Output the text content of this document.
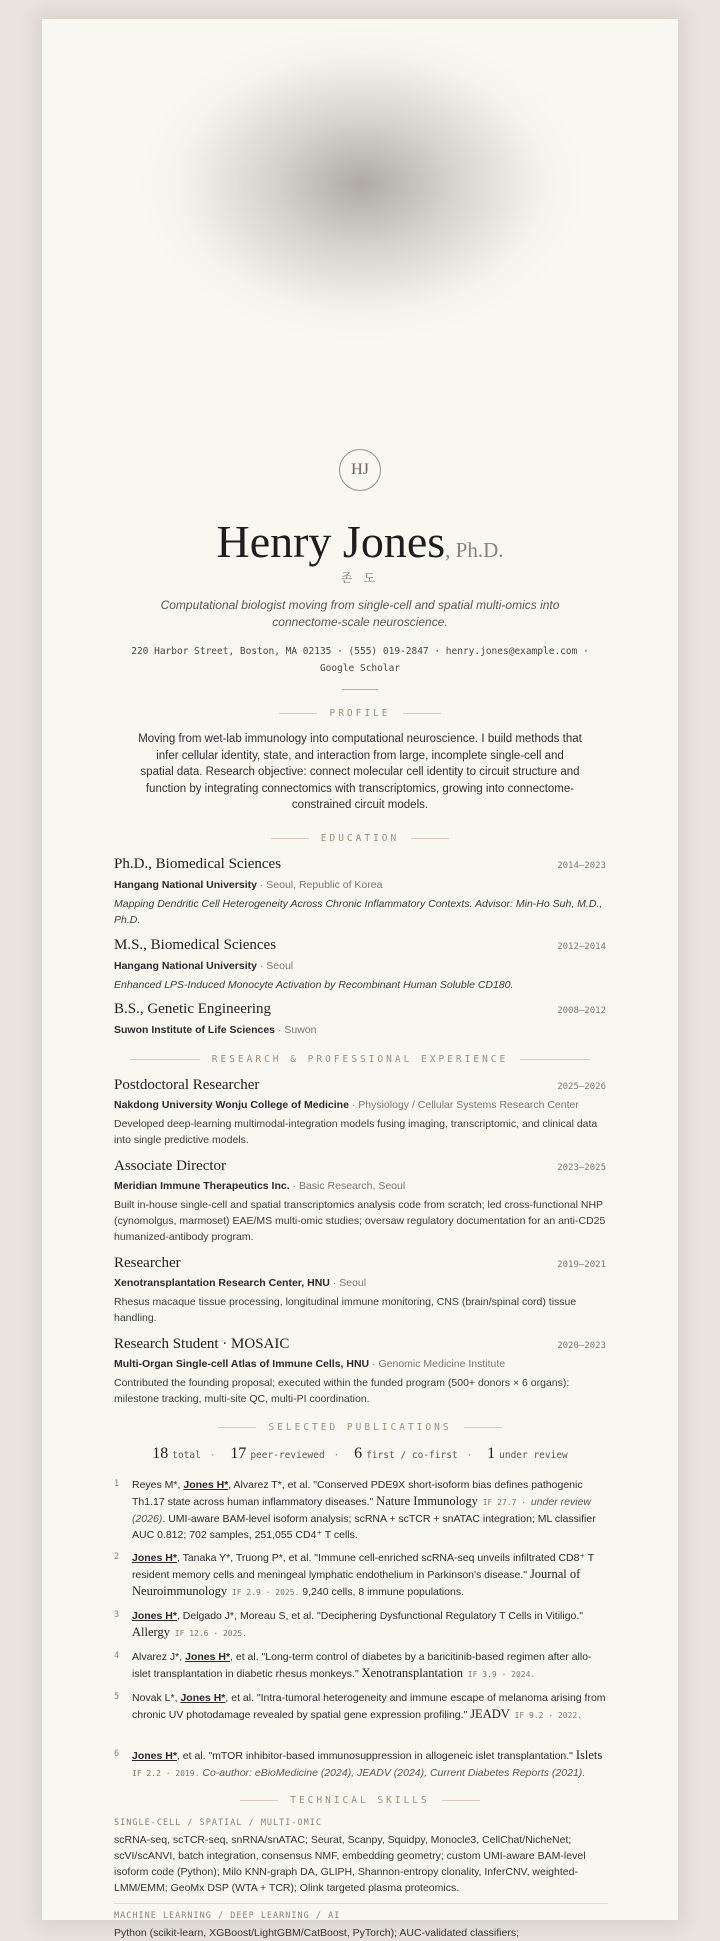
HJ
Henry Jones, Ph.D.
존 도
Computational biologist moving from single-cell and spatial multi-omics into connectome-scale neuroscience.
220 Harbor Street, Boston, MA 02135 · (555) 019-2847 · henry.jones@example.com ·
Google Scholar
PROFILE
Moving from wet-lab immunology into computational neuroscience. I build methods that infer cellular identity, state, and interaction from large, incomplete single-cell and spatial data. Research objective: connect molecular cell identity to circuit structure and function by integrating connectomics with transcriptomics, growing into connectome-constrained circuit models.
EDUCATION
Ph.D., Biomedical Sciences	2014–2023
Hangang National University · Seoul, Republic of Korea
Mapping Dendritic Cell Heterogeneity Across Chronic Inflammatory Contexts. Advisor: Min-Ho Suh, M.D., Ph.D.
M.S., Biomedical Sciences	2012–2014
Hangang National University · Seoul
Enhanced LPS-Induced Monocyte Activation by Recombinant Human Soluble CD180.
B.S., Genetic Engineering	2008–2012
Suwon Institute of Life Sciences · Suwon
RESEARCH & PROFESSIONAL EXPERIENCE
Postdoctoral Researcher	2025–2026
Nakdong University Wonju College of Medicine · Physiology / Cellular Systems Research Center
Developed deep-learning multimodal-integration models fusing imaging, transcriptomic, and clinical data into single predictive models.
Associate Director	2023–2025
Meridian Immune Therapeutics Inc. · Basic Research, Seoul
Built in-house single-cell and spatial transcriptomics analysis code from scratch; led cross-functional NHP (cynomolgus, marmoset) EAE/MS multi-omic studies; oversaw regulatory documentation for an anti-CD25 humanized-antibody program.
Researcher	2019–2021
Xenotransplantation Research Center, HNU · Seoul
Rhesus macaque tissue processing, longitudinal immune monitoring, CNS (brain/spinal cord) tissue handling.
Research Student · MOSAIC	2020–2023
Multi-Organ Single-cell Atlas of Immune Cells, HNU · Genomic Medicine Institute
Contributed the founding proposal; executed within the funded program (500+ donors × 6 organs): milestone tracking, multi-site QC, multi-PI coordination.
SELECTED PUBLICATIONS
18 total · 17 peer-reviewed · 6 first / co-first · 1 under review
1	Reyes M*, Jones H*, Alvarez T*, et al. "Conserved PDE9X short-isoform bias defines pathogenic Th1.17 state across human inflammatory diseases." Nature Immunology IF 27.7 · under review (2026). UMI-aware BAM-level isoform analysis; scRNA + scTCR + snATAC integration; ML classifier AUC 0.812; 702 samples, 251,055 CD4⁺ T cells.
2	Jones H*, Tanaka Y*, Truong P*, et al. "Immune cell-enriched scRNA-seq unveils infiltrated CD8⁺ T resident memory cells and meningeal lymphatic endothelium in Parkinson's disease." Journal of Neuroimmunology IF 2.9 · 2025. 9,240 cells, 8 immune populations.
3	Jones H*, Delgado J*, Moreau S, et al. "Deciphering Dysfunctional Regulatory T Cells in Vitiligo." Allergy IF 12.6 · 2025.
4	Alvarez J*, Jones H*, et al. "Long-term control of diabetes by a baricitinib-based regimen after allo-islet transplantation in diabetic rhesus monkeys." Xenotransplantation IF 3.9 · 2024.
5	Novak L*, Jones H*, et al. "Intra-tumoral heterogeneity and immune escape of melanoma arising from chronic UV photodamage revealed by spatial gene expression profiling." JEADV IF 9.2 · 2022.
6	Jones H*, et al. "mTOR inhibitor-based immunosuppression in allogeneic islet transplantation." Islets IF 2.2 · 2019. Co-author: eBioMedicine (2024), JEADV (2024), Current Diabetes Reports (2021).
TECHNICAL SKILLS
SINGLE-CELL / SPATIAL / MULTI-OMIC
scRNA-seq, scTCR-seq, snRNA/snATAC; Seurat, Scanpy, Squidpy, Monocle3, CellChat/NicheNet; scVI/scANVI, batch integration, consensus NMF, embedding geometry; custom UMI-aware BAM-level isoform code (Python); Milo KNN-graph DA, GLIPH, Shannon-entropy clonality, InferCNV, weighted-LMM/EMM; GeoMx DSP (WTA + TCR); Olink targeted plasma proteomics.
MACHINE LEARNING / DEEP LEARNING / AI
Python (scikit-learn, XGBoost/LightGBM/CatBoost, PyTorch); AUC-validated classifiers;
